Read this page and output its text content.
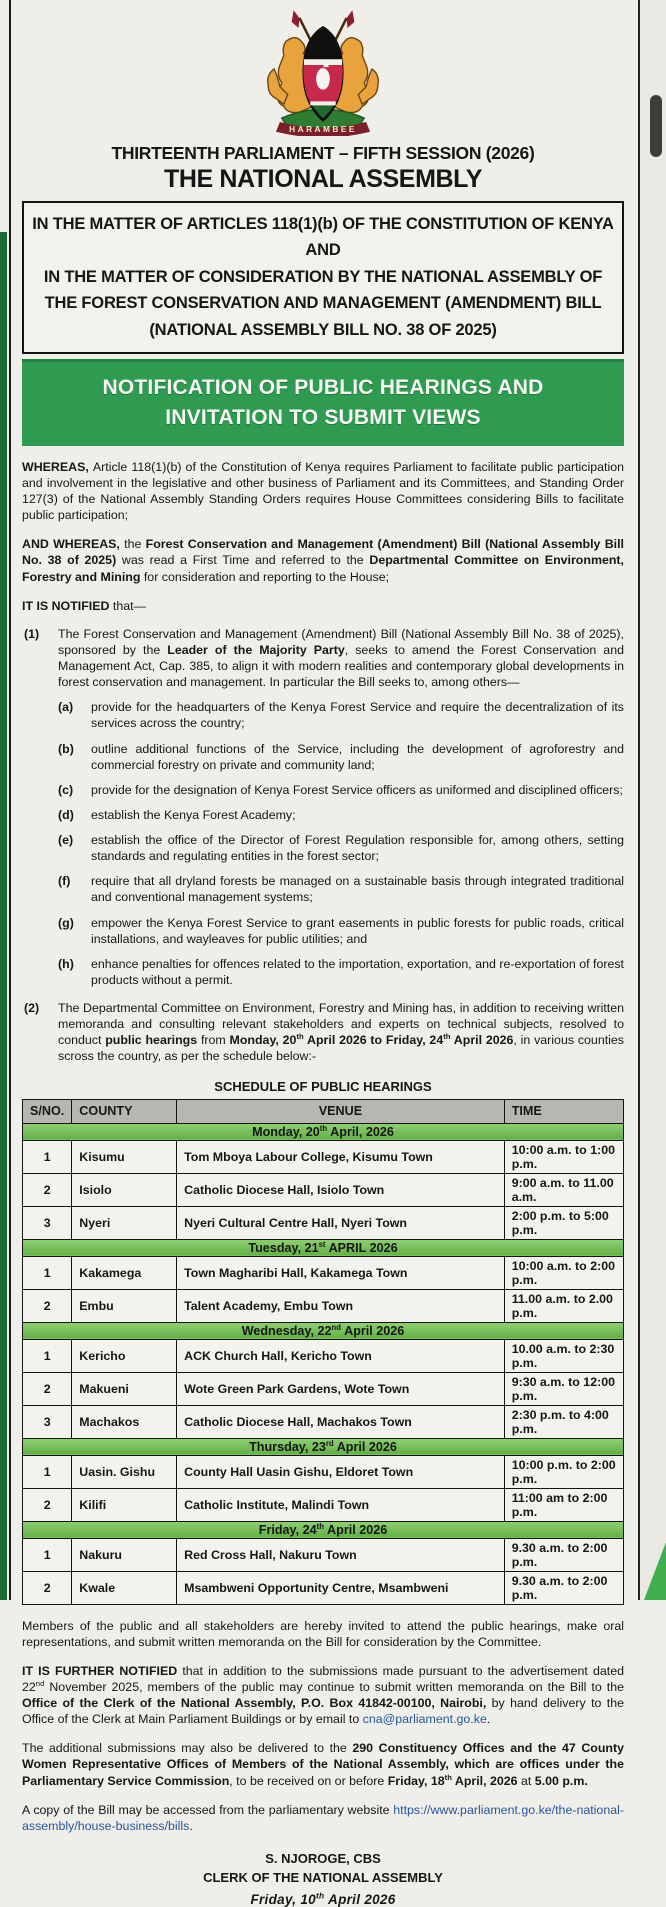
HARAMBEE
THIRTEENTH PARLIAMENT – FIFTH SESSION (2026)
THE NATIONAL ASSEMBLY
IN THE MATTER OF ARTICLES 118(1)(b) OF THE CONSTITUTION OF KENYA
AND
IN THE MATTER OF CONSIDERATION BY THE NATIONAL ASSEMBLY OF
THE FOREST CONSERVATION AND MANAGEMENT (AMENDMENT) BILL
(NATIONAL ASSEMBLY BILL NO. 38 OF 2025)
NOTIFICATION OF PUBLIC HEARINGS AND
INVITATION TO SUBMIT VIEWS

WHEREAS, Article 118(1)(b) of the Constitution of Kenya requires Parliament to facilitate public participation and involvement in the legislative and other business of Parliament and its Committees, and Standing Order 127(3) of the National Assembly Standing Orders requires House Committees considering Bills to facilitate public participation;

AND WHEREAS, the Forest Conservation and Management (Amendment) Bill (National Assembly Bill No. 38 of 2025) was read a First Time and referred to the Departmental Committee on Environment, Forestry and Mining for consideration and reporting to the House;

IT IS NOTIFIED that—

(1)	The Forest Conservation and Management (Amendment) Bill (National Assembly Bill No. 38 of 2025), sponsored by the Leader of the Majority Party, seeks to amend the Forest Conservation and Management Act, Cap. 385, to align it with modern realities and contemporary global developments in forest conservation and management. In particular the Bill seeks to, among others—
(a)	provide for the headquarters of the Kenya Forest Service and require the decentralization of its services across the country;
(b)	outline additional functions of the Service, including the development of agroforestry and commercial forestry on private and community land;
(c)	provide for the designation of Kenya Forest Service officers as uniformed and disciplined officers;
(d)	establish the Kenya Forest Academy;
(e)	establish the office of the Director of Forest Regulation responsible for, among others, setting standards and regulating entities in the forest sector;
(f)	require that all dryland forests be managed on a sustainable basis through integrated traditional and conventional management systems;
(g)	empower the Kenya Forest Service to grant easements in public forests for public roads, critical installations, and wayleaves for public utilities; and
(h)	enhance penalties for offences related to the importation, exportation, and re-exportation of forest products without a permit.
(2)	The Departmental Committee on Environment, Forestry and Mining has, in addition to receiving written memoranda and consulting relevant stakeholders and experts on technical subjects, resolved to conduct public hearings from Monday, 20th April 2026 to Friday, 24th April 2026, in various counties scross the country, as per the schedule below:-
SCHEDULE OF PUBLIC HEARINGS
S/NO.	COUNTY	VENUE	TIME
Monday, 20th April, 2026			
1	Kisumu	Tom Mboya Labour College, Kisumu Town	10:00 a.m. to 1:00 p.m.
2	Isiolo	Catholic Diocese Hall, Isiolo Town	9:00 a.m. to 11.00 a.m.
3	Nyeri	Nyeri Cultural Centre Hall, Nyeri Town	2:00 p.m. to 5:00 p.m.
Tuesday, 21st APRIL 2026			
1	Kakamega	Town Magharibi Hall, Kakamega Town	10:00 a.m. to 2:00 p.m.
2	Embu	Talent Academy, Embu Town	11.00 a.m. to 2.00 p.m.
Wednesday, 22nd April 2026			
1	Kericho	ACK Church Hall, Kericho Town	10.00 a.m. to 2:30 p.m.
2	Makueni	Wote Green Park Gardens, Wote Town	9:30 a.m. to 12:00 p.m.
3	Machakos	Catholic Diocese Hall, Machakos Town	2:30 p.m. to 4:00 p.m.
Thursday, 23rd April 2026			
1	Uasin. Gishu	County Hall Uasin Gishu, Eldoret Town	10:00 p.m. to 2:00 p.m.
2	Kilifi	Catholic Institute, Malindi Town	11:00 am to 2:00 p.m.
Friday, 24th April 2026			
1	Nakuru	Red Cross Hall, Nakuru Town	9.30 a.m. to 2:00 p.m.
2	Kwale	Msambweni Opportunity Centre, Msambweni	9.30 a.m. to 2:00 p.m.

Members of the public and all stakeholders are hereby invited to attend the public hearings, make oral representations, and submit written memoranda on the Bill for consideration by the Committee.

IT IS FURTHER NOTIFIED that in addition to the submissions made pursuant to the advertisement dated 22nd November 2025, members of the public may continue to submit written memoranda on the Bill to the Office of the Clerk of the National Assembly, P.O. Box 41842-00100, Nairobi, by hand delivery to the Office of the Clerk at Main Parliament Buildings or by email to cna@parliament.go.ke.

The additional submissions may also be delivered to the 290 Constituency Offices and the 47 County Women Representative Offices of Members of the National Assembly, which are offices under the Parliamentary Service Commission, to be received on or before Friday, 18th April, 2026 at 5.00 p.m.

A copy of the Bill may be accessed from the parliamentary website https://www.parliament.go.ke/the-national-assembly/house-business/bills.

S. NJOROGE, CBS
CLERK OF THE NATIONAL ASSEMBLY
Friday, 10th April 2026
